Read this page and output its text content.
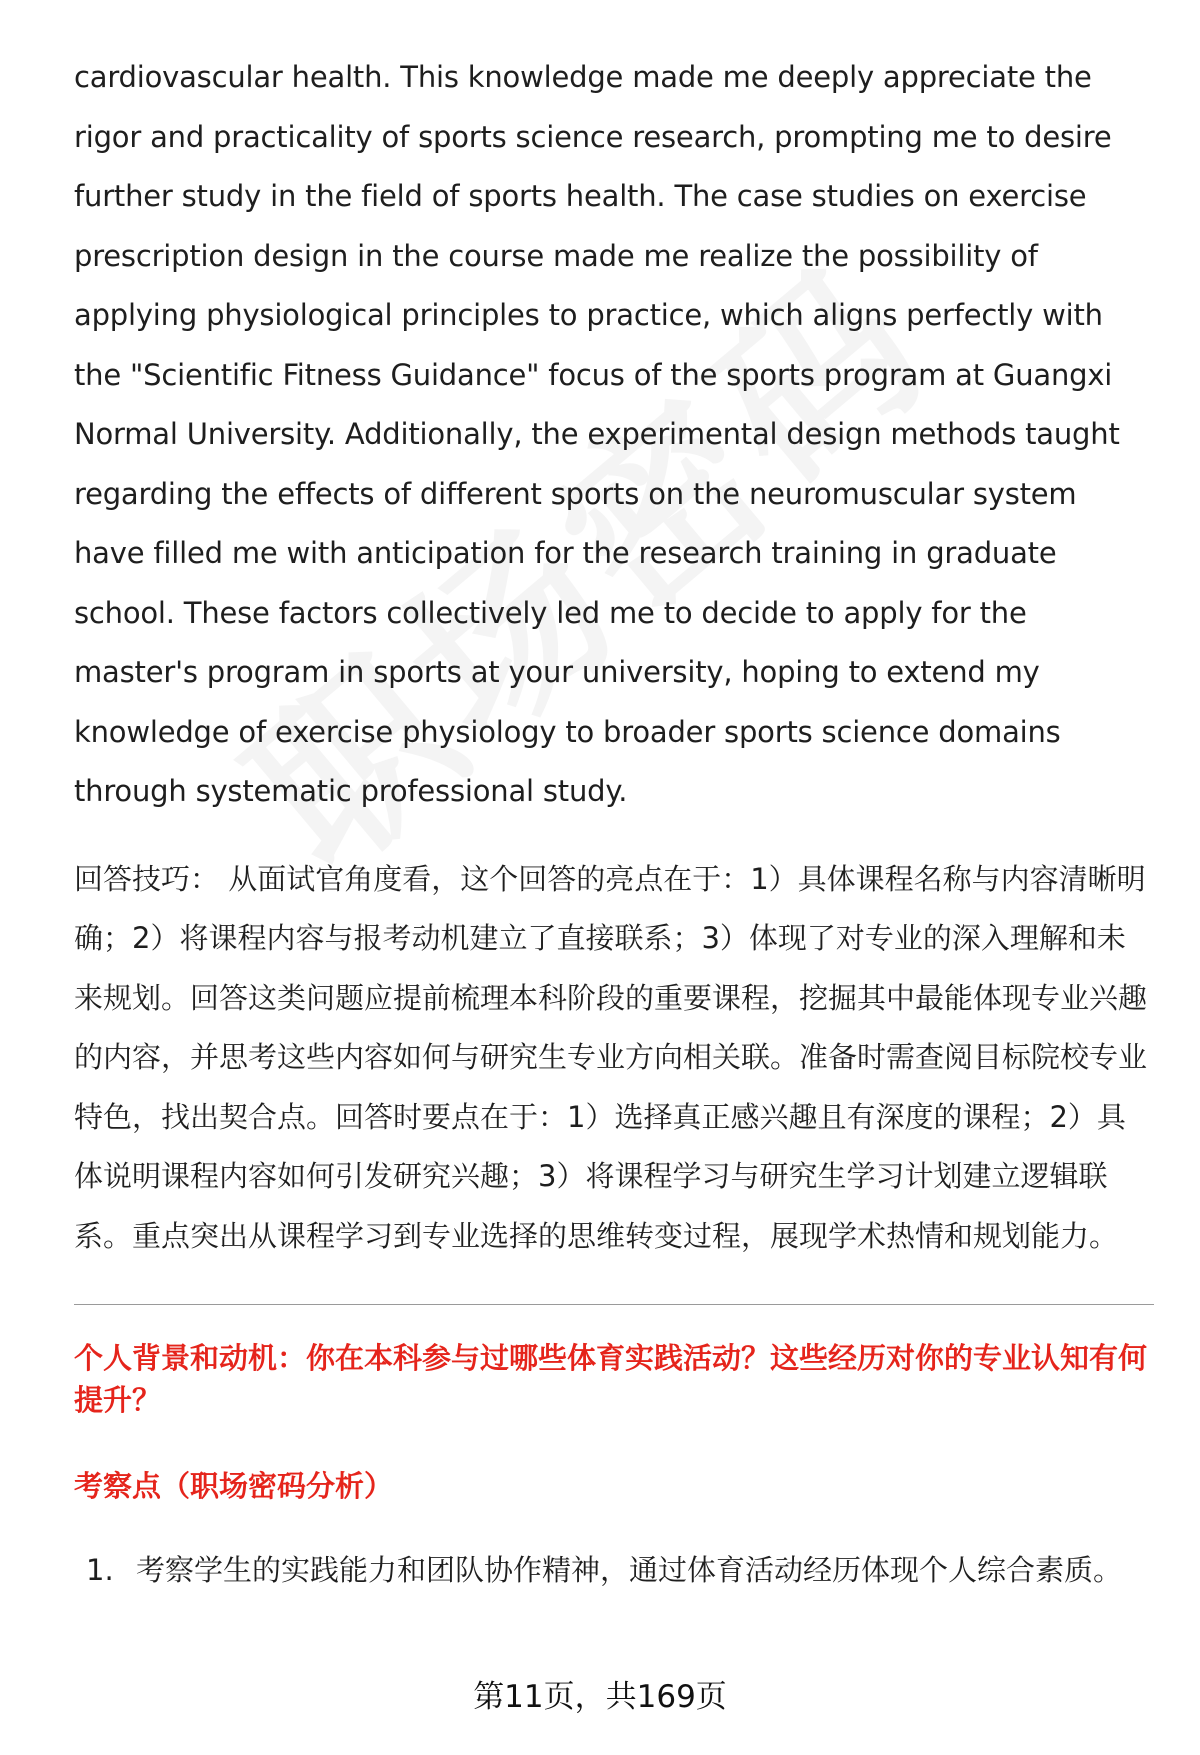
cardiovascular health. This knowledge made me deeply appreciate the rigor and practicality of sports science research, prompting me to desire further study in the field of sports health. The case studies on exercise prescription design in the course made me realize the possibility of applying physiological principles to practice, which aligns perfectly with the "Scientific Fitness Guidance" focus of the sports program at Guangxi Normal University. Additionally, the experimental design methods taught regarding the effects of different sports on the neuromuscular system have filled me with anticipation for the research training in graduate school. These factors collectively led me to decide to apply for the master's program in sports at your university, hoping to extend my knowledge of exercise physiology to broader sports science domains through systematic professional study.

回答技巧： 从面试官角度看，这个回答的亮点在于：1）具体课程名称与内容清晰明确；2）将课程内容与报考动机建立了直接联系；3）体现了对专业的深入理解和未来规划。回答这类问题应提前梳理本科阶段的重要课程，挖掘其中最能体现专业兴趣的内容，并思考这些内容如何与研究生专业方向相关联。准备时需查阅目标院校专业特色，找出契合点。回答时要点在于：1）选择真正感兴趣且有深度的课程；2）具体说明课程内容如何引发研究兴趣；3）将课程学习与研究生学习计划建立逻辑联系。重点突出从课程学习到专业选择的思维转变过程，展现学术热情和规划能力。

个人背景和动机：你在本科参与过哪些体育实践活动？这些经历对你的专业认知有何提升？
考察点（职场密码分析）
1. 考察学生的实践能力和团队协作精神，通过体育活动经历体现个人综合素质。
第11页，共169页
